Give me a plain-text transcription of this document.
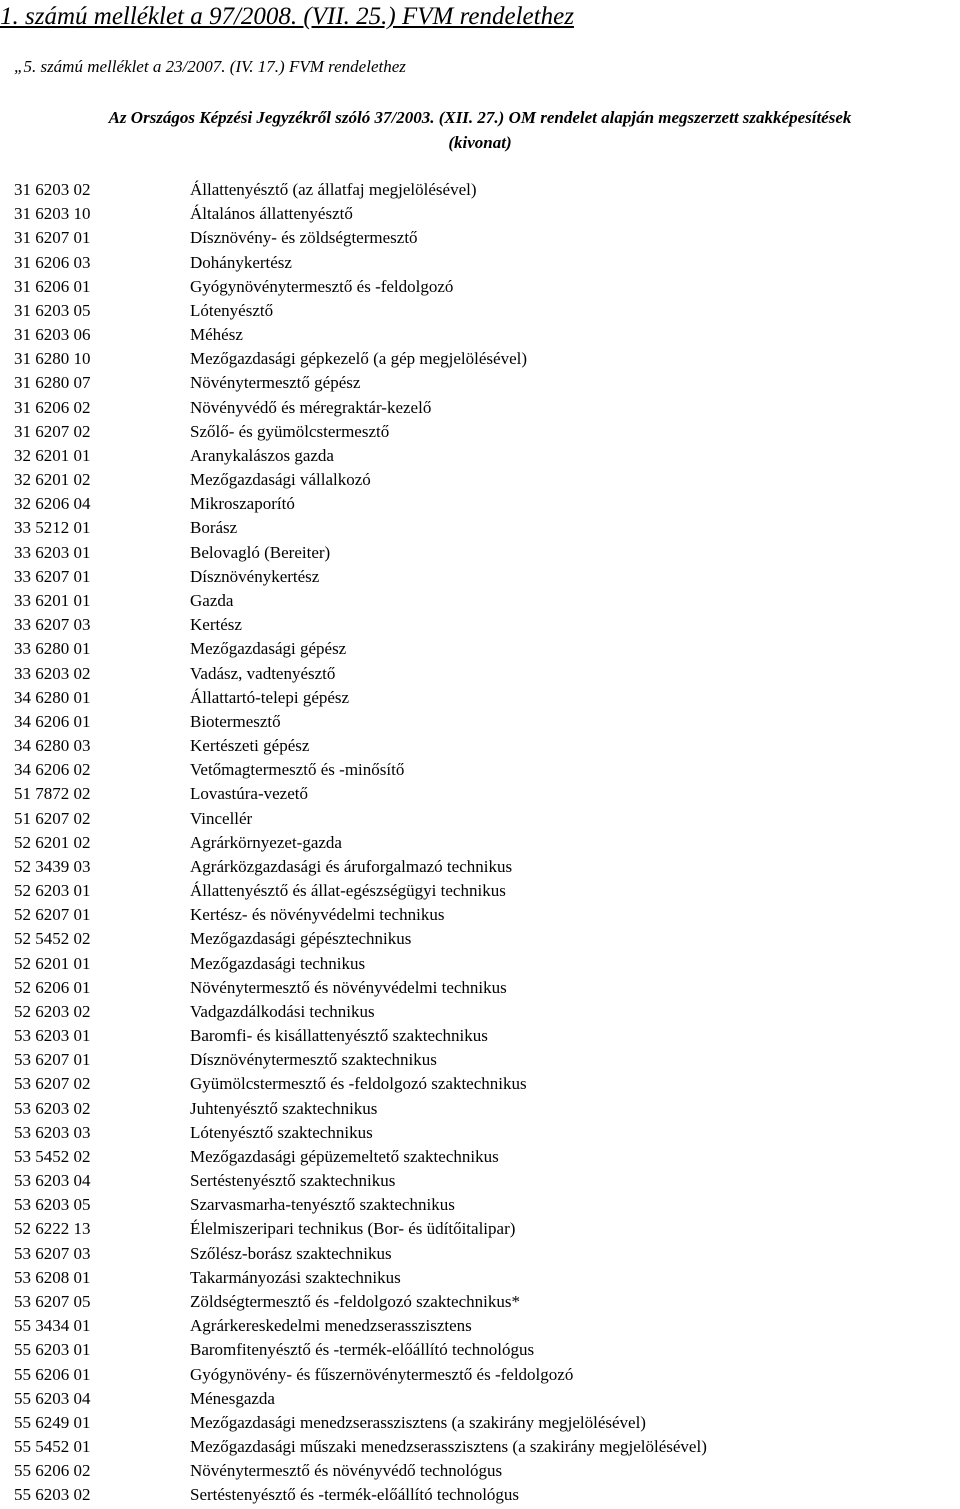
1. számú melléklet a 97/2008. (VII. 25.) FVM rendelethez
„5. számú melléklet a 23/2007. (IV. 17.) FVM rendelethez
Az Országos Képzési Jegyzékről szóló 37/2003. (XII. 27.) OM rendelet alapján megszerzett szakképesítések
(kivonat)
31 6203 02	Állattenyésztő (az állatfaj megjelölésével)
31 6203 10	Általános állattenyésztő
31 6207 01	Dísznövény- és zöldségtermesztő
31 6206 03	Dohánykertész
31 6206 01	Gyógynövénytermesztő és -feldolgozó
31 6203 05	Lótenyésztő
31 6203 06	Méhész
31 6280 10	Mezőgazdasági gépkezelő (a gép megjelölésével)
31 6280 07	Növénytermesztő gépész
31 6206 02	Növényvédő és méregraktár-kezelő
31 6207 02	Szőlő- és gyümölcstermesztő
32 6201 01	Aranykalászos gazda
32 6201 02	Mezőgazdasági vállalkozó
32 6206 04	Mikroszaporító
33 5212 01	Borász
33 6203 01	Belovagló (Bereiter)
33 6207 01	Dísznövénykertész
33 6201 01	Gazda
33 6207 03	Kertész
33 6280 01	Mezőgazdasági gépész
33 6203 02	Vadász, vadtenyésztő
34 6280 01	Állattartó-telepi gépész
34 6206 01	Biotermesztő
34 6280 03	Kertészeti gépész
34 6206 02	Vetőmagtermesztő és -minősítő
51 7872 02	Lovastúra-vezető
51 6207 02	Vincellér
52 6201 02	Agrárkörnyezet-gazda
52 3439 03	Agrárközgazdasági és áruforgalmazó technikus
52 6203 01	Állattenyésztő és állat-egészségügyi technikus
52 6207 01	Kertész- és növényvédelmi technikus
52 5452 02	Mezőgazdasági gépésztechnikus
52 6201 01	Mezőgazdasági technikus
52 6206 01	Növénytermesztő és növényvédelmi technikus
52 6203 02	Vadgazdálkodási technikus
53 6203 01	Baromfi- és kisállattenyésztő szaktechnikus
53 6207 01	Dísznövénytermesztő szaktechnikus
53 6207 02	Gyümölcstermesztő és -feldolgozó szaktechnikus
53 6203 02	Juhtenyésztő szaktechnikus
53 6203 03	Lótenyésztő szaktechnikus
53 5452 02	Mezőgazdasági gépüzemeltető szaktechnikus
53 6203 04	Sertéstenyésztő szaktechnikus
53 6203 05	Szarvasmarha-tenyésztő szaktechnikus
52 6222 13	Élelmiszeripari technikus (Bor- és üdítőitalipar)
53 6207 03	Szőlész-borász szaktechnikus
53 6208 01	Takarmányozási szaktechnikus
53 6207 05	Zöldségtermesztő és -feldolgozó szaktechnikus*
55 3434 01	Agrárkereskedelmi menedzserasszisztens
55 6203 01	Baromfitenyésztő és -termék-előállító technológus
55 6206 01	Gyógynövény- és fűszernövénytermesztő és -feldolgozó
55 6203 04	Ménesgazda
55 6249 01	Mezőgazdasági menedzserasszisztens (a szakirány megjelölésével)
55 5452 01	Mezőgazdasági műszaki menedzserasszisztens (a szakirány megjelölésével)
55 6206 02	Növénytermesztő és növényvédő technológus
55 6203 02	Sertéstenyésztő és -termék-előállító technológus
